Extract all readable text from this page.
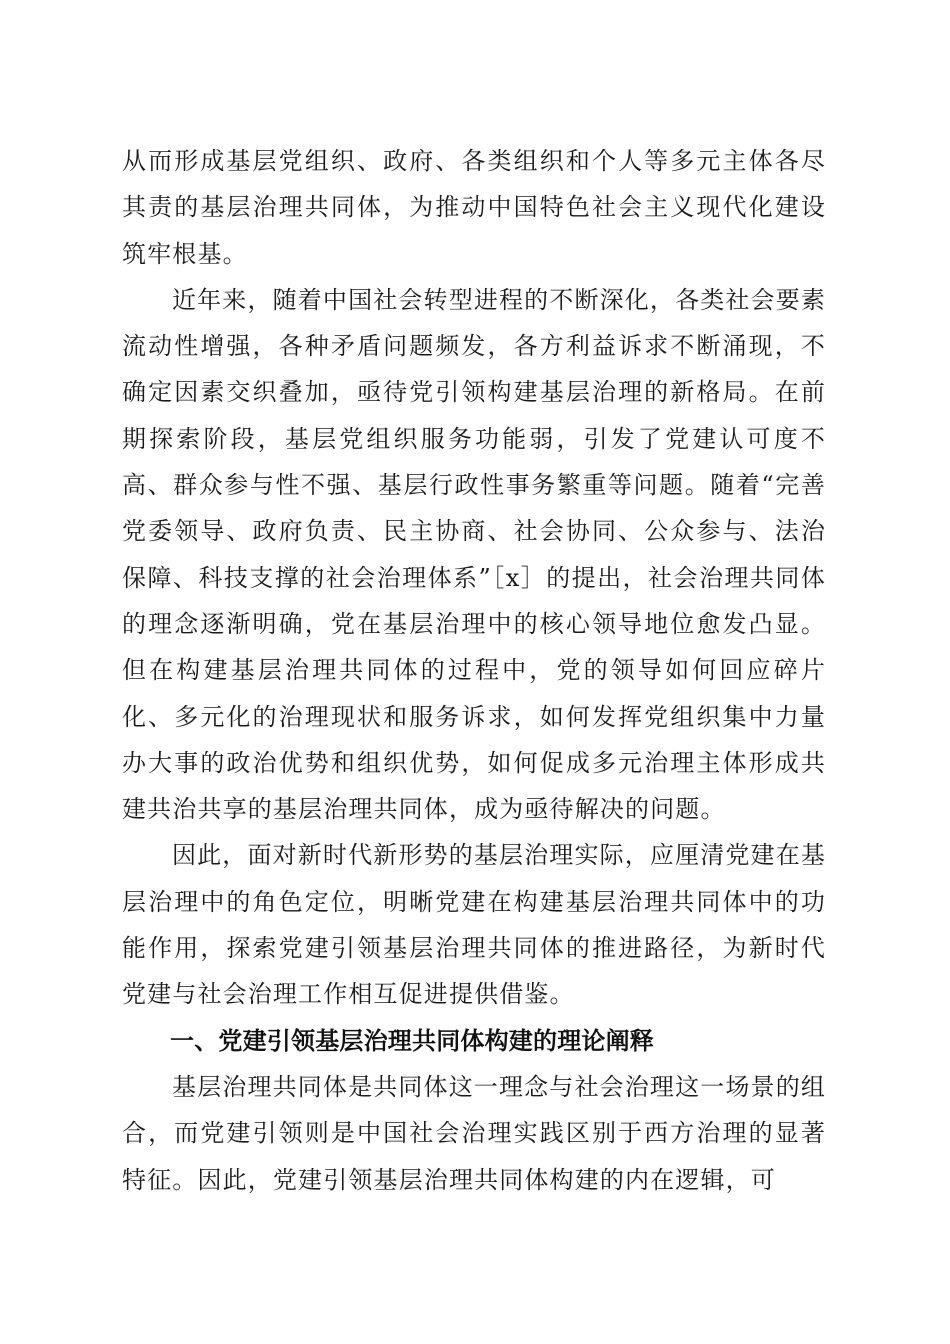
从而形成基层党组织、政府、各类组织和个人等多元主体各尽其责的基层治理共同体，为推动中国特色社会主义现代化建设筑牢根基。

近年来，随着中国社会转型进程的不断深化，各类社会要素流动性增强，各种矛盾问题频发，各方利益诉求不断涌现，不确定因素交织叠加，亟待党引领构建基层治理的新格局。在前期探索阶段，基层党组织服务功能弱，引发了党建认可度不高、群众参与性不强、基层行政性事务繁重等问题。随着“完善党委领导、政府负责、民主协商、社会协同、公众参与、法治保障、科技支撑的社会治理体系”［x］的提出，社会治理共同体的理念逐渐明确，党在基层治理中的核心领导地位愈发凸显。但在构建基层治理共同体的过程中，党的领导如何回应碎片化、多元化的治理现状和服务诉求，如何发挥党组织集中力量办大事的政治优势和组织优势，如何促成多元治理主体形成共建共治共享的基层治理共同体，成为亟待解决的问题。

因此，面对新时代新形势的基层治理实际，应厘清党建在基层治理中的角色定位，明晰党建在构建基层治理共同体中的功能作用，探索党建引领基层治理共同体的推进路径，为新时代党建与社会治理工作相互促进提供借鉴。

一、党建引领基层治理共同体构建的理论阐释

基层治理共同体是共同体这一理念与社会治理这一场景的组合，而党建引领则是中国社会治理实践区别于西方治理的显著特征。因此，党建引领基层治理共同体构建的内在逻辑，可
